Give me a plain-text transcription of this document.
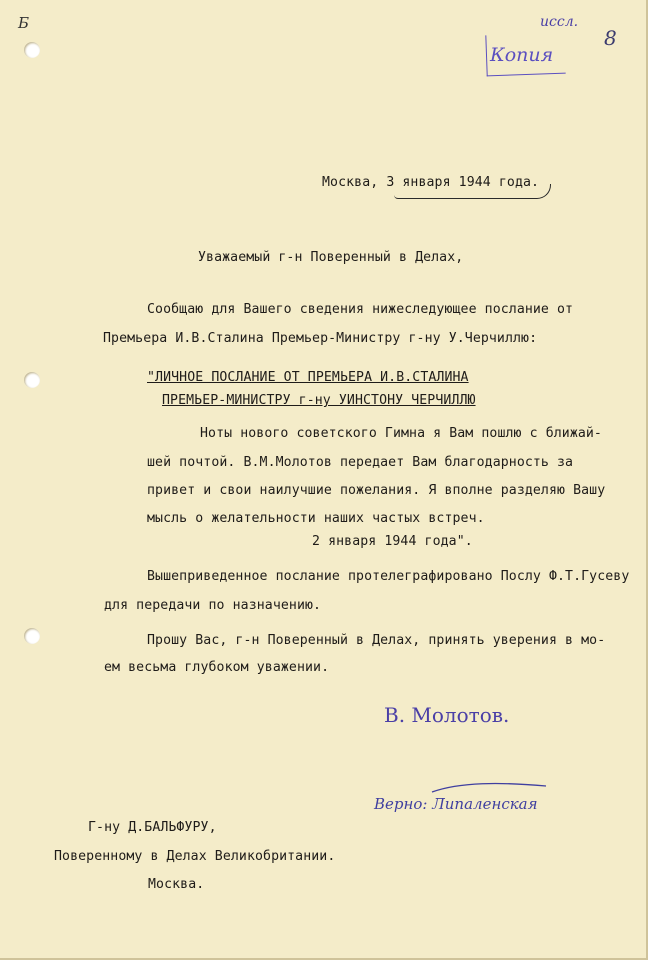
Б	иссл.
8
Копия
Москва, 3 января 1944 года.
Уважаемый г-н Поверенный в Делах,
Сообщаю для Вашего сведения нижеследующее послание от
Премьера И.В.Сталина Премьер-Министру г-ну У.Черчиллю:
"ЛИЧНОЕ ПОСЛАНИЕ ОТ ПРЕМЬЕРА И.В.СТАЛИНА
ПРЕМЬЕР-МИНИСТРУ г-ну УИНСТОНУ ЧЕРЧИЛЛЮ
Ноты нового советского Гимна я Вам пошлю с ближай-
шей почтой. В.М.Молотов передает Вам благодарность за
привет и свои наилучшие пожелания. Я вполне разделяю Вашу
мысль о желательности наших частых встреч.
2 января 1944 года".
Вышеприведенное послание протелеграфировано Послу Ф.Т.Гусеву
для передачи по назначению.
Прошу Вас, г-н Поверенный в Делах, принять уверения в мо-
ем весьма глубоком уважении.
В. Молотов.
Верно: Липаленская
Г-ну Д.БАЛЬФУРУ,
Поверенному в Делах Великобритании.
Москва.
